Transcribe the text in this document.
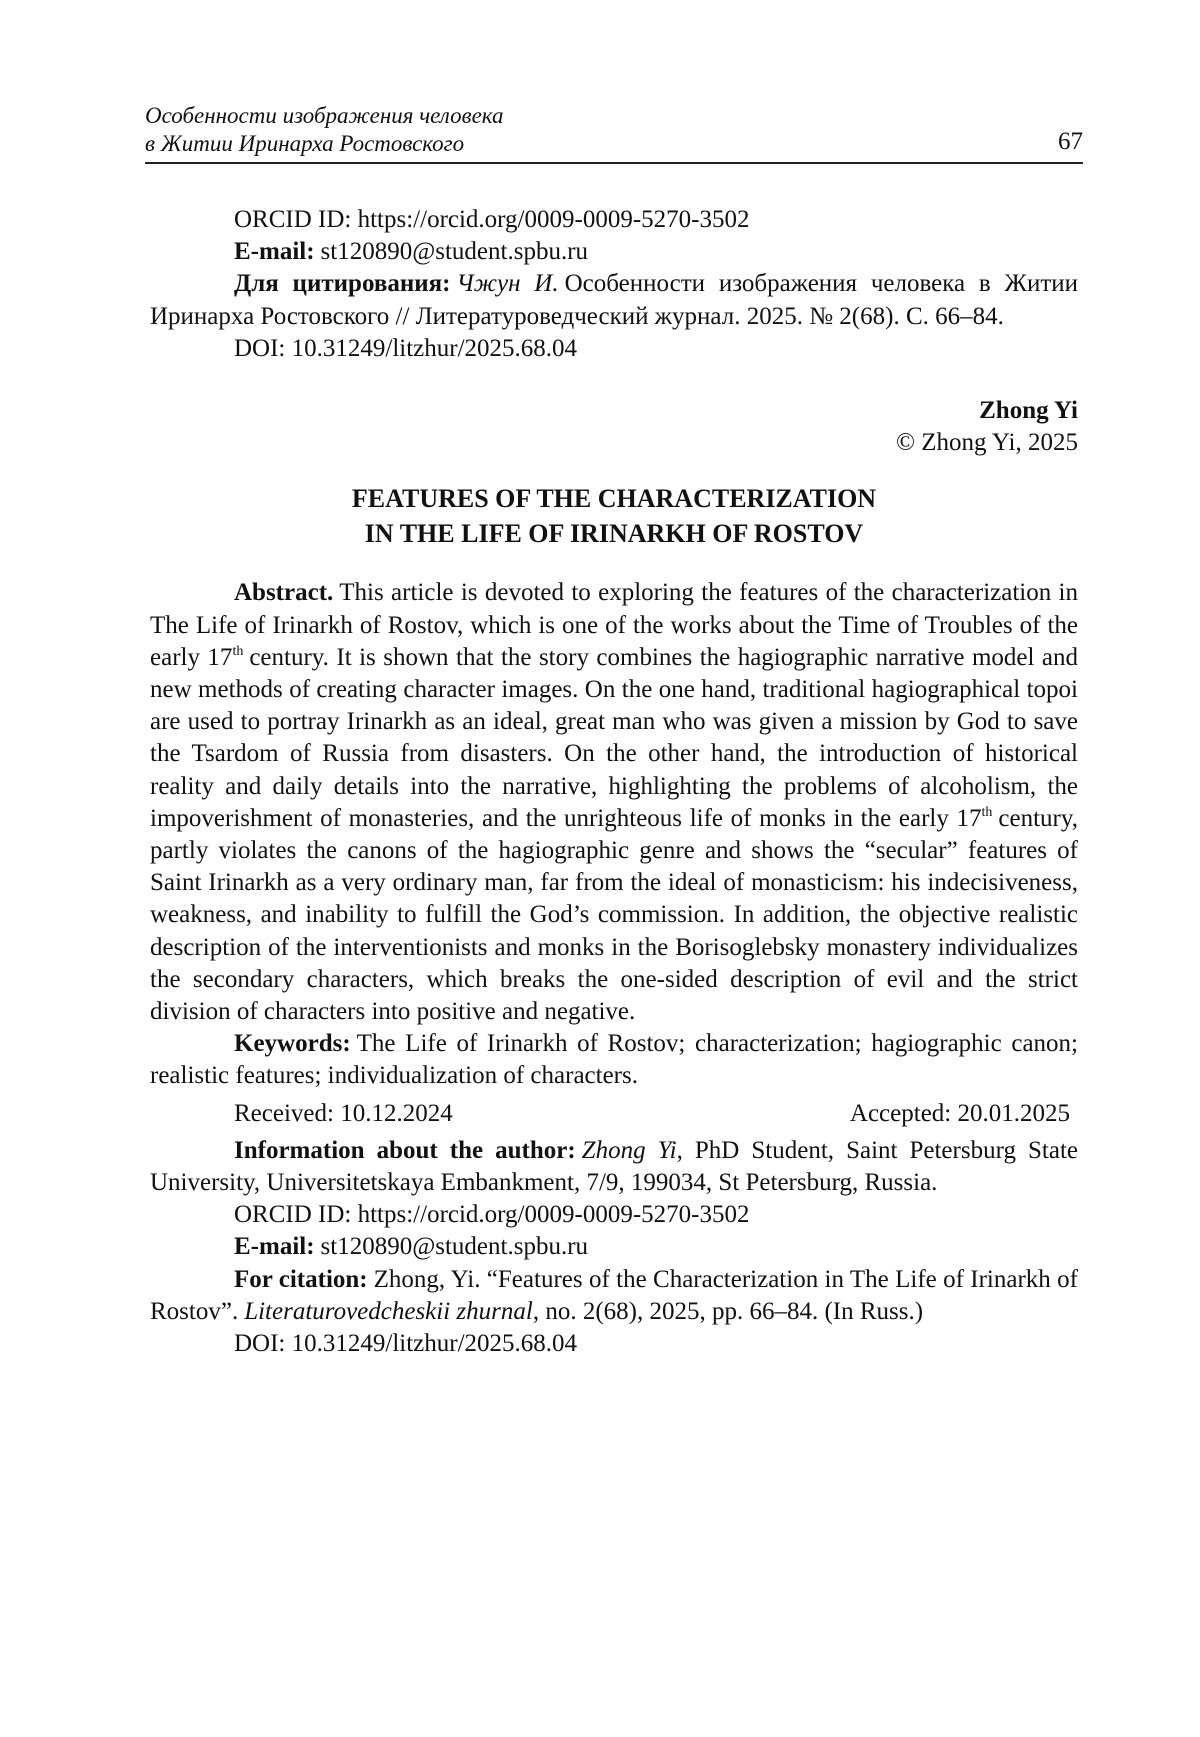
Особенности изображения человека
в Житии Иринарха Ростовского	67

ORCID ID: https://orcid.org/0009-0009-5270-3502

E-mail: st120890@student.spbu.ru

Для цитирования: Чжун И. Особенности изображения человека в Житии Иринарха Ростовского // Литературоведческий журнал. 2025. № 2(68). С. 66–84.

DOI: 10.31249/litzhur/2025.68.04

Zhong Yi

© Zhong Yi, 2025

FEATURES OF THE CHARACTERIZATION
IN THE LIFE OF IRINARKH OF ROSTOV

Abstract. This article is devoted to exploring the features of the characterization in The Life of Irinarkh of Rostov, which is one of the works about the Time of Troubles of the early 17th century. It is shown that the story combines the hagiographic narrative model and new methods of creating character images. On the one hand, traditional hagiographical topoi are used to portray Irinarkh as an ideal, great man who was given a mission by God to save the Tsardom of Russia from disasters. On the other hand, the introduction of historical reality and daily details into the narrative, highlighting the problems of alcoholism, the impoverishment of monasteries, and the unrighteous life of monks in the early 17th century, partly violates the canons of the hagiographic genre and shows the “secular” features of Saint Irinarkh as a very ordinary man, far from the ideal of monasticism: his indecisiveness, weakness, and inability to fulfill the God’s commission. In addition, the objective realistic description of the interventionists and monks in the Borisoglebsky monastery individualizes the secondary characters, which breaks the one-sided description of evil and the strict division of characters into positive and negative.

Keywords: The Life of Irinarkh of Rostov; characterization; hagiographic canon; realistic features; individualization of characters.

Received: 10.12.2024	Accepted: 20.01.2025

Information about the author: Zhong Yi, PhD Student, Saint Petersburg State University, Universitetskaya Embankment, 7/9, 199034, St Petersburg, Russia.

ORCID ID: https://orcid.org/0009-0009-5270-3502

E-mail: st120890@student.spbu.ru

For citation: Zhong, Yi. “Features of the Characterization in The Life of Irinarkh of Rostov”. Literaturovedcheskii zhurnal, no. 2(68), 2025, pp. 66–84. (In Russ.)

DOI: 10.31249/litzhur/2025.68.04
